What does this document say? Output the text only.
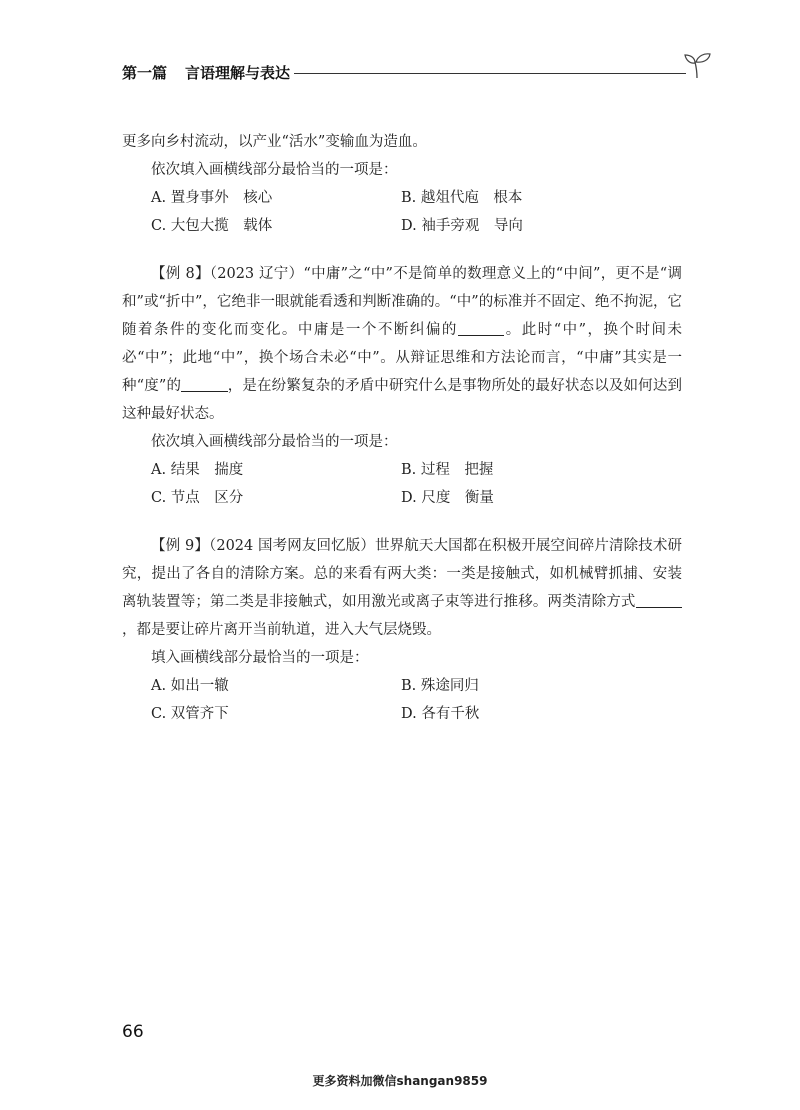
第一篇 言语理解与表达

更多向乡村流动，以产业“活水”变输血为造血。

依次填入画横线部分最恰当的一项是：

A. 置身事外　核心	B. 越俎代庖　根本
C. 大包大揽　载体	D. 袖手旁观　导向

【例 8】（2023 辽宁）“中庸”之“中”不是简单的数理意义上的“中间”，更不是“调和”或“折中”，它绝非一眼就能看透和判断准确的。“中”的标准并不固定、绝不拘泥，它随着条件的变化而变化。中庸是一个不断纠偏的	。此时“中”，换个时间未必“中”；此地“中”，换个场合未必“中”。从辩证思维和方法论而言，“中庸”其实是一种“度”的	，是在纷繁复杂的矛盾中研究什么是事物所处的最好状态以及如何达到这种最好状态。

依次填入画横线部分最恰当的一项是：

A. 结果　揣度	B. 过程　把握
C. 节点　区分	D. 尺度　衡量

【例 9】（2024 国考网友回忆版）世界航天大国都在积极开展空间碎片清除技术研究，提出了各自的清除方案。总的来看有两大类：一类是接触式，如机械臂抓捕、安装离轨装置等；第二类是非接触式，如用激光或离子束等进行推移。两类清除方式，都是要让碎片离开当前轨道，进入大气层烧毁。

填入画横线部分最恰当的一项是：

A. 如出一辙	B. 殊途同归
C. 双管齐下	D. 各有千秋
66
更多资料加微信shangan9859
